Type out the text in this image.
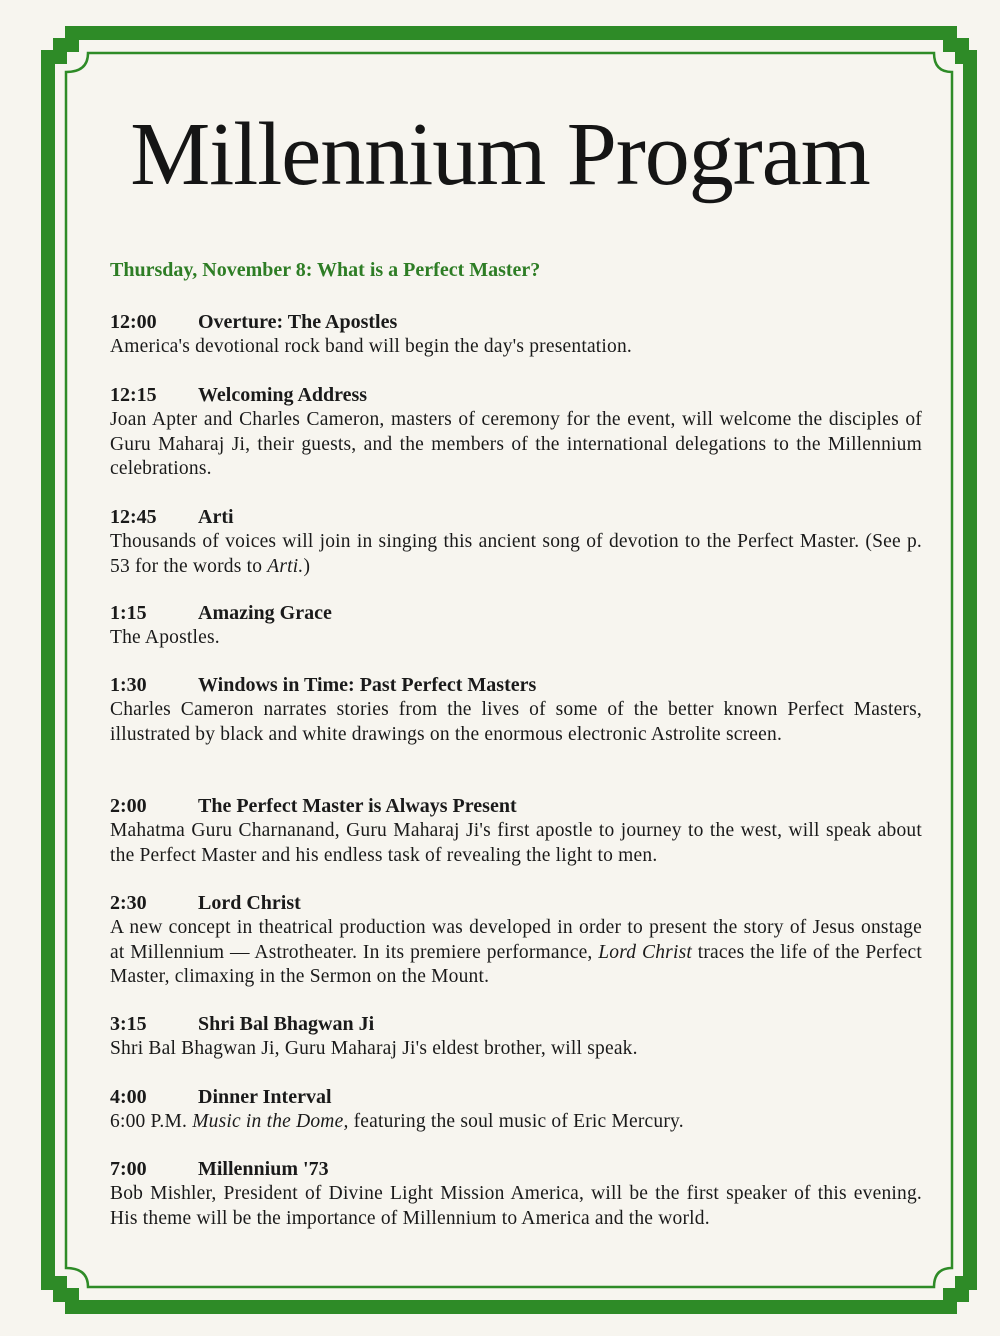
Millennium Program
Thursday, November 8: What is a Perfect Master?
12:00 Overture: The Apostles
America's devotional rock band will begin the day's presentation.
12:15 Welcoming Address
Joan Apter and Charles Cameron, masters of ceremony for the event, will welcome the disciples of Guru Maharaj Ji, their guests, and the members of the international delegations to the Millennium celebrations.
12:45 Arti
Thousands of voices will join in singing this ancient song of devotion to the Perfect Master. (See p. 53 for the words to Arti.)
1:15	Amazing Grace
The Apostles.
1:30	Windows in Time: Past Perfect Masters
Charles Cameron narrates stories from the lives of some of the better known Perfect Masters, illustrated by black and white drawings on the enormous electronic Astrolite screen.
2:00	The Perfect Master is Always Present
Mahatma Guru Charnanand, Guru Maharaj Ji's first apostle to journey to the west, will speak about the Perfect Master and his endless task of revealing the light to men.
2:30	Lord Christ
A new concept in theatrical production was developed in order to present the story of Jesus onstage at Millennium — Astrotheater. In its premiere performance, Lord Christ traces the life of the Perfect Master, climaxing in the Sermon on the Mount.
3:15	Shri Bal Bhagwan Ji
Shri Bal Bhagwan Ji, Guru Maharaj Ji's eldest brother, will speak.
4:00	Dinner Interval
6:00 P.M. Music in the Dome, featuring the soul music of Eric Mercury.
7:00	Millennium '73
Bob Mishler, President of Divine Light Mission America, will be the first speaker of this evening. His theme will be the importance of Millennium to America and the world.
